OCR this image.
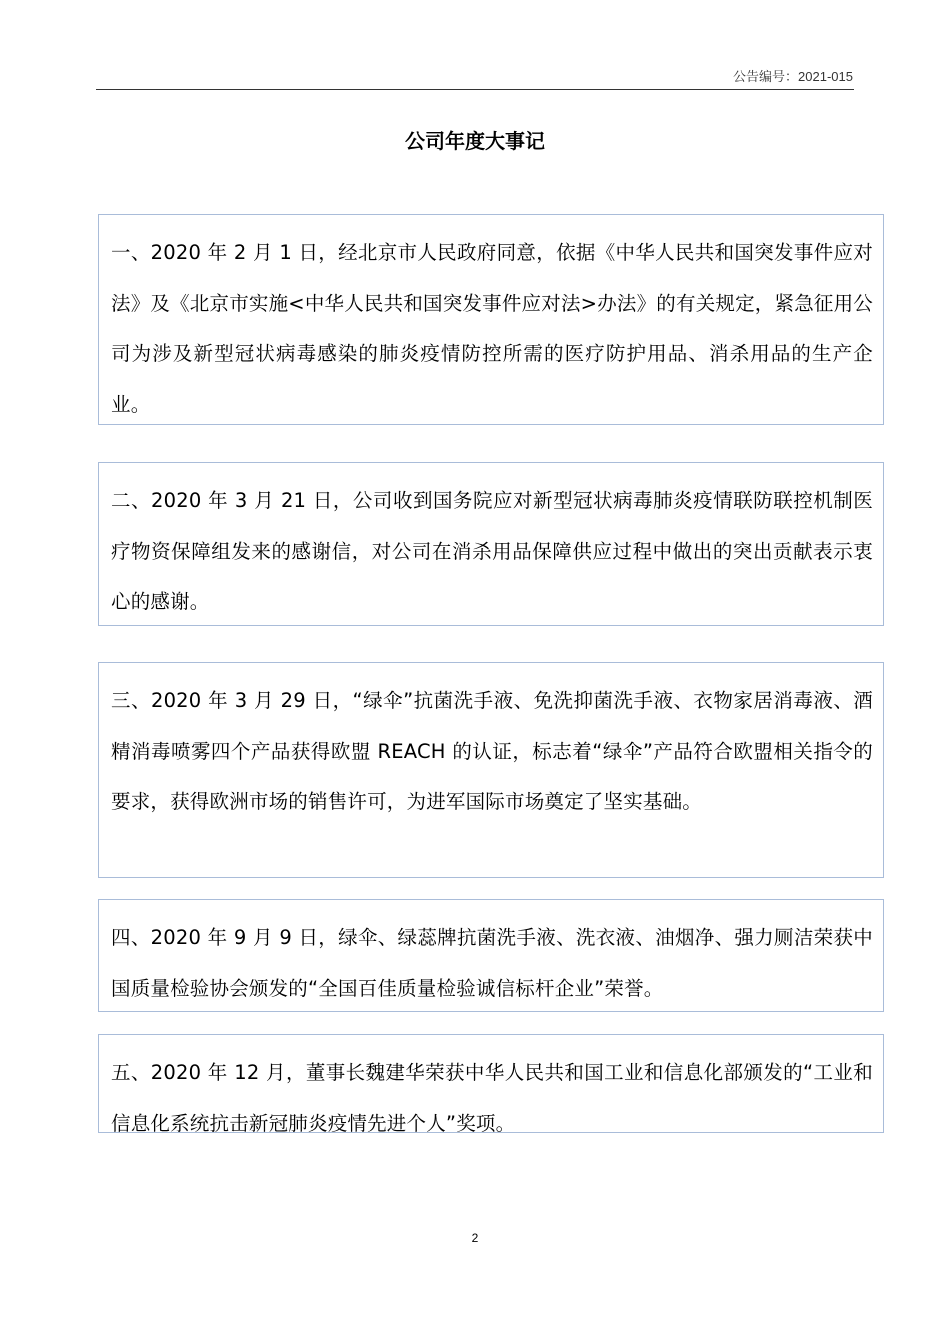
公告编号：2021-015
公司年度大事记

一、2020 年 2 月 1 日，经北京市人民政府同意，依据《中华人民共和国突发事件应对法》及《北京市实施<中华人民共和国突发事件应对法>办法》的有关规定，紧急征用公司为涉及新型冠状病毒感染的肺炎疫情防控所需的医疗防护用品、消杀用品的生产企业。

二、2020 年 3 月 21 日，公司收到国务院应对新型冠状病毒肺炎疫情联防联控机制医疗物资保障组发来的感谢信，对公司在消杀用品保障供应过程中做出的突出贡献表示衷心的感谢。

三、2020 年 3 月 29 日，“绿伞”抗菌洗手液、免洗抑菌洗手液、衣物家居消毒液、酒精消毒喷雾四个产品获得欧盟 REACH 的认证，标志着“绿伞”产品符合欧盟相关指令的要求，获得欧洲市场的销售许可，为进军国际市场奠定了坚实基础。

四、2020 年 9 月 9 日，绿伞、绿蕊牌抗菌洗手液、洗衣液、油烟净、强力厕洁荣获中国质量检验协会颁发的“全国百佳质量检验诚信标杆企业”荣誉。

五、2020 年 12 月，董事长魏建华荣获中华人民共和国工业和信息化部颁发的“工业和信息化系统抗击新冠肺炎疫情先进个人”奖项。

2
